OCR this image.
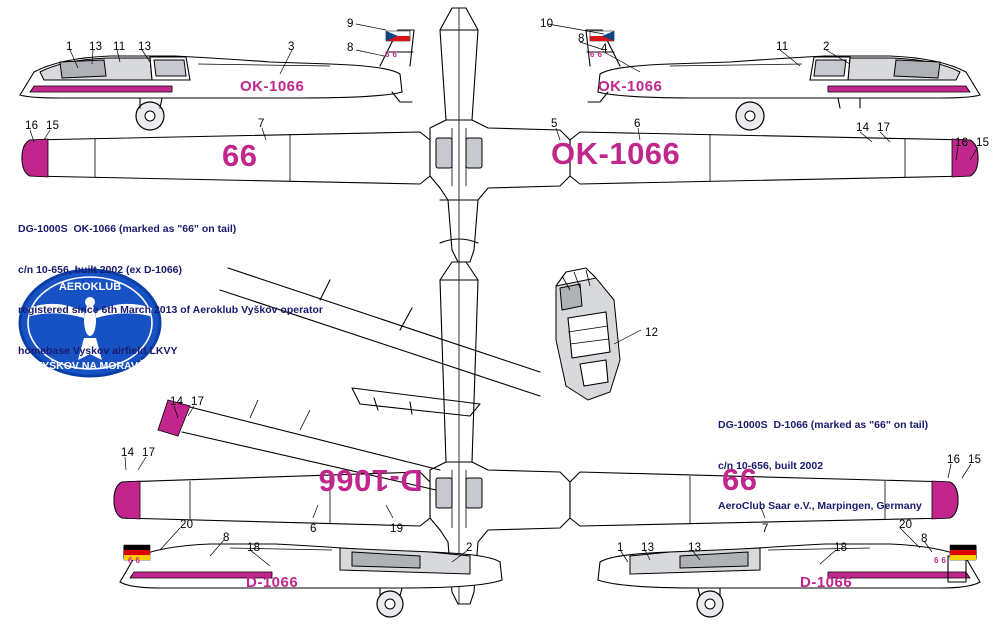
AEROKLUB
VYŠKOV NA MORAVĚ

DG-1000S  OK-1066 (marked as "66" on tail)

c/n 10-656, built 2002 (ex D-1066)

registered since 6th March 2013 of Aeroklub Vyškov operator

homebase Vyskov airfield LKVY

DG-1000S  D-1066 (marked as "66" on tail)

c/n 10-656, built 2002

AeroClub Saar e.V., Marpingen, Germany

OK-1066	OK-1066
66	OK-1066
D-1066	66
D-1066	D-1066
66	66
66	66
1 13 11 13	3
9
8
10
8
4	11	2
16 15	7	5	6	14 17
16 15
12
14 17
14 17
16 15
6	19	7
20
8
18	2	1 13	13	18
20
8
